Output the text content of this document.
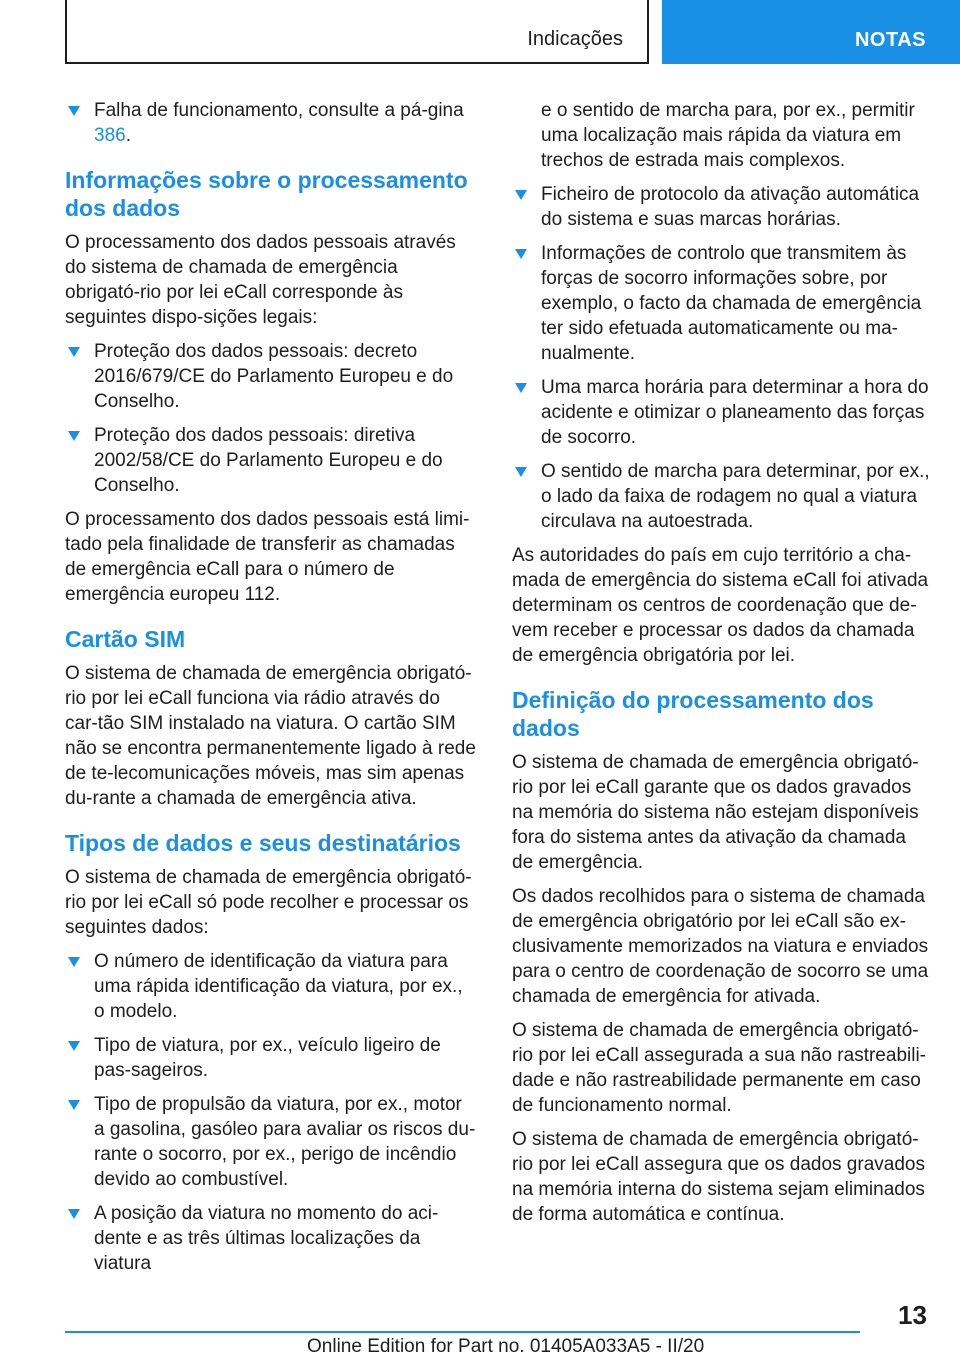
Indicações	NOTAS
Falha de funcionamento, consulte a pá-gina 386.
Informações sobre o processamento dos dados

O processamento dos dados pessoais através do sistema de chamada de emergência obrigató-rio por lei eCall corresponde às seguintes dispo-sições legais:

Proteção dos dados pessoais: decreto 2016/679/CE do Parlamento Europeu e do Conselho.
Proteção dos dados pessoais: diretiva 2002/58/CE do Parlamento Europeu e do Conselho.

O processamento dos dados pessoais está limi-tado pela finalidade de transferir as chamadas de emergência eCall para o número de emergência europeu 112.

Cartão SIM

O sistema de chamada de emergência obrigató-rio por lei eCall funciona via rádio através do car-tão SIM instalado na viatura. O cartão SIM não se encontra permanentemente ligado à rede de te-lecomunicações móveis, mas sim apenas du-rante a chamada de emergência ativa.

Tipos de dados e seus destinatários

O sistema de chamada de emergência obrigató-rio por lei eCall só pode recolher e processar os seguintes dados:

O número de identificação da viatura para uma rápida identificação da viatura, por ex., o modelo.
Tipo de viatura, por ex., veículo ligeiro de pas-sageiros.
Tipo de propulsão da viatura, por ex., motor a gasolina, gasóleo para avaliar os riscos du-rante o socorro, por ex., perigo de incêndio devido ao combustível.
A posição da viatura no momento do aci-dente e as três últimas localizações da viatura

e o sentido de marcha para, por ex., permitir uma localização mais rápida da viatura em trechos de estrada mais complexos.

Ficheiro de protocolo da ativação automática do sistema e suas marcas horárias.
Informações de controlo que transmitem às forças de socorro informações sobre, por exemplo, o facto da chamada de emergência ter sido efetuada automaticamente ou ma-nualmente.
Uma marca horária para determinar a hora do acidente e otimizar o planeamento das forças de socorro.
O sentido de marcha para determinar, por ex., o lado da faixa de rodagem no qual a viatura circulava na autoestrada.

As autoridades do país em cujo território a cha-mada de emergência do sistema eCall foi ativada determinam os centros de coordenação que de-vem receber e processar os dados da chamada de emergência obrigatória por lei.

Definição do processamento dos dados

O sistema de chamada de emergência obrigató-rio por lei eCall garante que os dados gravados na memória do sistema não estejam disponíveis fora do sistema antes da ativação da chamada de emergência.

Os dados recolhidos para o sistema de chamada de emergência obrigatório por lei eCall são ex-clusivamente memorizados na viatura e enviados para o centro de coordenação de socorro se uma chamada de emergência for ativada.

O sistema de chamada de emergência obrigató-rio por lei eCall assegurada a sua não rastreabili-dade e não rastreabilidade permanente em caso de funcionamento normal.

O sistema de chamada de emergência obrigató-rio por lei eCall assegura que os dados gravados na memória interna do sistema sejam eliminados de forma automática e contínua.

13
Online Edition for Part no. 01405A033A5 - II/20
